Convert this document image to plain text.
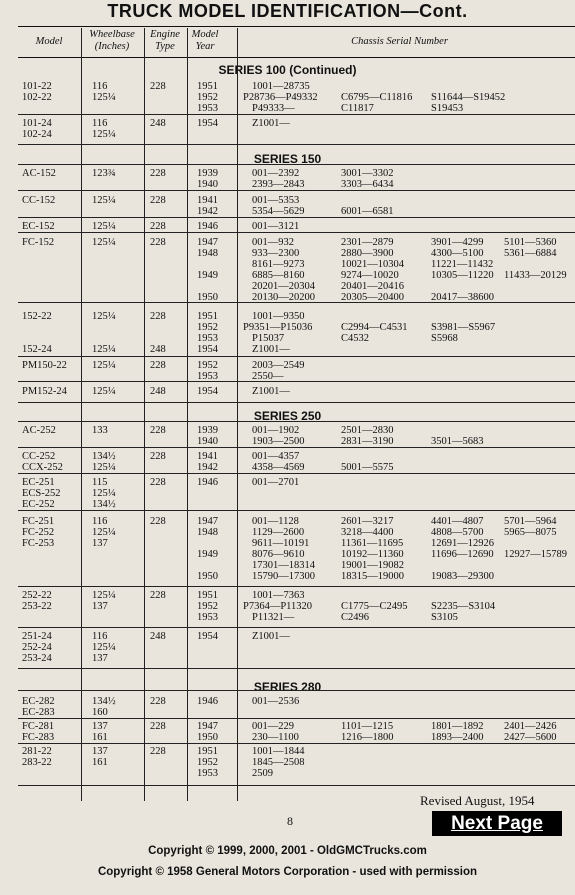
TRUCK MODEL IDENTIFICATION—Cont.
Model
Wheelbase
(Inches)
Engine
Type
Model
Year	Chassis Serial Number
SERIES 100 (Continued)
SERIES 150
SERIES 250
SERIES 280
101-22	116	228	1951	1001—28735
102-22	125¼	1952 P28736—P49332 C6795—C11816 S11644—S19452
1953	P49333—	C11817	S19453
101-24	116	248	1954	Z1001—
102-24	125¼
AC-152	123¾	228	1939	001—2392	3001—3302
1940	2393—2843	3303—6434
CC-152	125¼	228	1941	001—5353
1942	5354—5629	6001—6581
EC-152	125¼	228	1946	001—3121
FC-152	125¼	228	1947	001—932	2301—2879	3901—4299 5101—5360
1948	933—2300	2880—3900	4300—5100 5361—6884
8161—9273	10021—10304	11221—11432
1949	6885—8160	9274—10020	10305—11220 11433—20129
20201—20304 20401—20416
1950	20130—20200 20305—20400	20417—38600
152-22	125¼	228	1951	1001—9350
1952 P9351—P15036	C2994—C4531 S3981—S5967
1953	P15037	C4532	S5968
152-24	125¼	248	1954	Z1001—
PM150-22 125¼	228	1952	2003—2549
1953	2550—
PM152-24 125¼	248	1954	Z1001—
AC-252	133	228	1939	001—1902	2501—2830
1940	1903—2500	2831—3190	3501—5683
CC-252	134½	228	1941	001—4357
CCX-252	125¼	1942	4358—4569	5001—5575
EC-251	115	228	1946	001—2701
ECS-252	125¼
EC-252	134½
FC-251	116	228	1947	001—1128	2601—3217	4401—4807 5701—5964
FC-252	125¼	1948	1129—2600	3218—4400	4808—5700 5965—8075
FC-253	137	9611—10191	11361—11695	12691—12926
1949	8076—9610	10192—11360	11696—12690 12927—15789
17301—18314 19001—19082
1950	15790—17300 18315—19000	19083—29300
252-22	125¼	228	1951	1001—7363
253-22	137	1952 P7364—P11320	C1775—C2495 S2235—S3104
1953	P11321—	C2496	S3105
251-24	116	248	1954	Z1001—
252-24	125¼
253-24	137
EC-282	134½	228	1946	001—2536
EC-283	160
FC-281	137	228	1947	001—229	1101—1215	1801—1892 2401—2426
FC-283	161	1950	230—1100	1216—1800	1893—2400 2427—5600
281-22	137	228	1951	1001—1844
283-22	161	1952	1845—2508
1953	2509
Revised August, 1954
8	Next Page
Copyright © 1999, 2000, 2001 - OldGMCTrucks.com
Copyright © 1958 General Motors Corporation - used with permission
